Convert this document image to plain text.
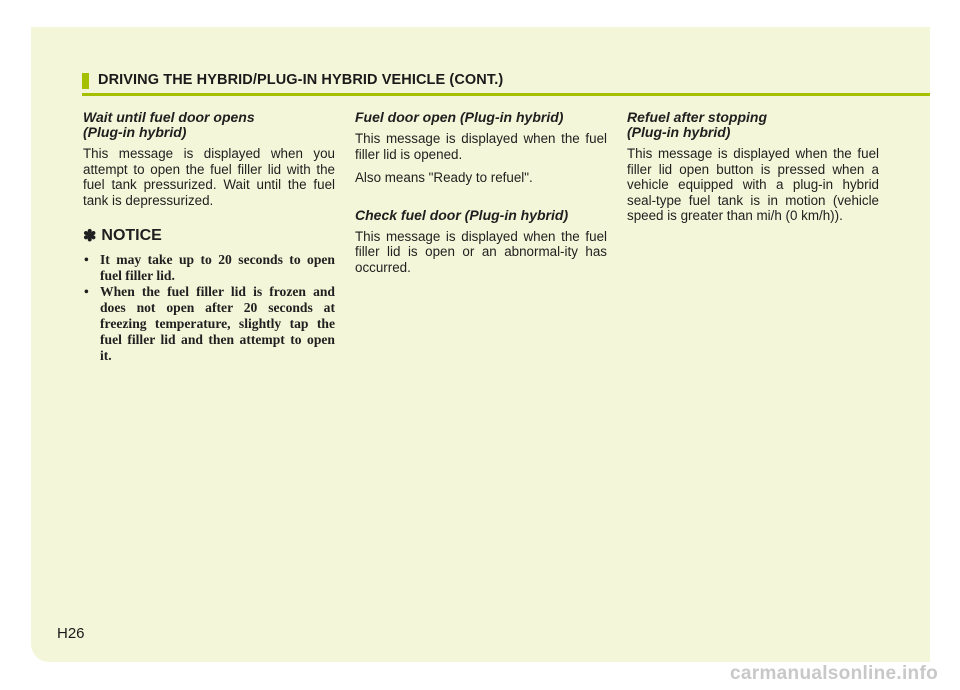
DRIVING THE HYBRID/PLUG-IN HYBRID VEHICLE (CONT.)
Wait until fuel door opens
(Plug-in hybrid)

This message is displayed when you attempt to open the fuel filler lid with the fuel tank pressurized. Wait until the fuel tank is depressurized.

✽ NOTICE
• It may take up to 20 seconds to open fuel filler lid.
• When the fuel filler lid is frozen and does not open after 20 seconds at freezing temperature, slightly tap the fuel filler lid and then attempt to open it.
Fuel door open (Plug-in hybrid)

This message is displayed when the fuel filler lid is opened.

Also means "Ready to refuel".

Check fuel door (Plug-in hybrid)

This message is displayed when the fuel filler lid is open or an abnormal-ity has occurred.

Refuel after stopping
(Plug-in hybrid)

This message is displayed when the fuel filler lid open button is pressed when a vehicle equipped with a plug-in hybrid seal-type fuel tank is in motion (vehicle speed is greater than mi/h (0 km/h)).

H26
carmanualsonline.info
